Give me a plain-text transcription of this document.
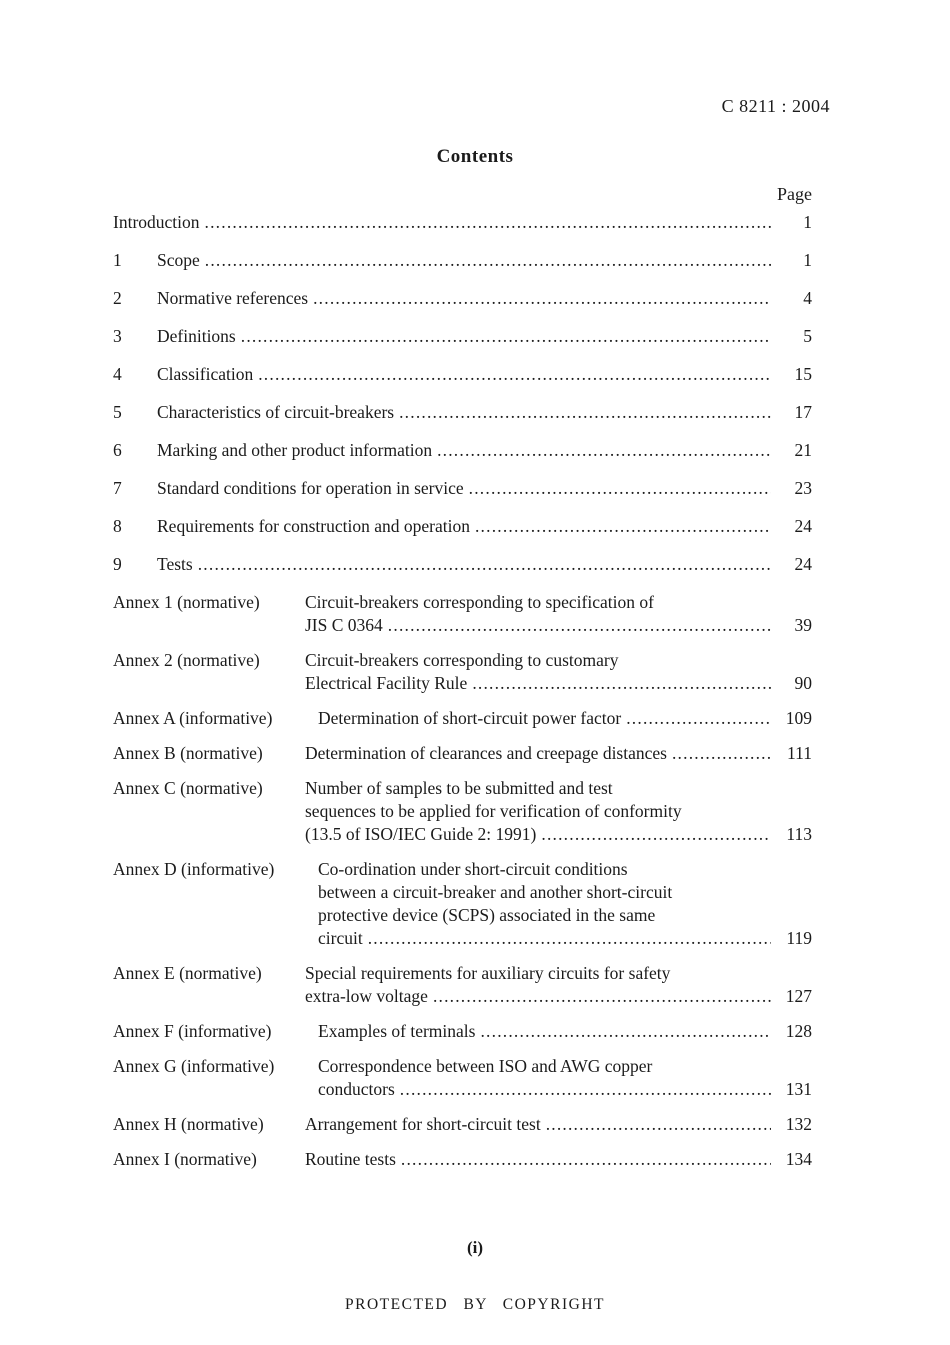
C 8211 : 2004
Contents
Page
Introduction .....	1
1	Scope .....	1
2	Normative references .....	4
3	Definitions .....	5
4	Classification .....	15
5	Characteristics of circuit-breakers .....	17
6	Marking and other product information .....	21
7	Standard conditions for operation in service .....	23
8	Requirements for construction and operation .....	24
9	Tests .....	24
Annex 1 (normative)	Circuit-breakers corresponding to specification of
JIS C 0364 .....	39
Annex 2 (normative)	Circuit-breakers corresponding to customary
Electrical Facility Rule .....	90
Annex A (informative)	Determination of short-circuit power factor .....	109
Annex B (normative)	Determination of clearances and creepage distances .....	111
Annex C (normative)	Number of samples to be submitted and test
sequences to be applied for verification of conformity
(13.5 of ISO/IEC Guide 2: 1991) .....	113
Annex D (informative)	Co-ordination under short-circuit conditions
between a circuit-breaker and another short-circuit
protective device (SCPS) associated in the same
circuit .....	119
Annex E (normative)	Special requirements for auxiliary circuits for safety
extra-low voltage .....	127
Annex F (informative)	Examples of terminals .....	128
Annex G (informative)	Correspondence between ISO and AWG copper
conductors .....	131
Annex H (normative)	Arrangement for short-circuit test .....	132
Annex I (normative)	Routine tests .....	134
(i)
PROTECTED BY COPYRIGHT
